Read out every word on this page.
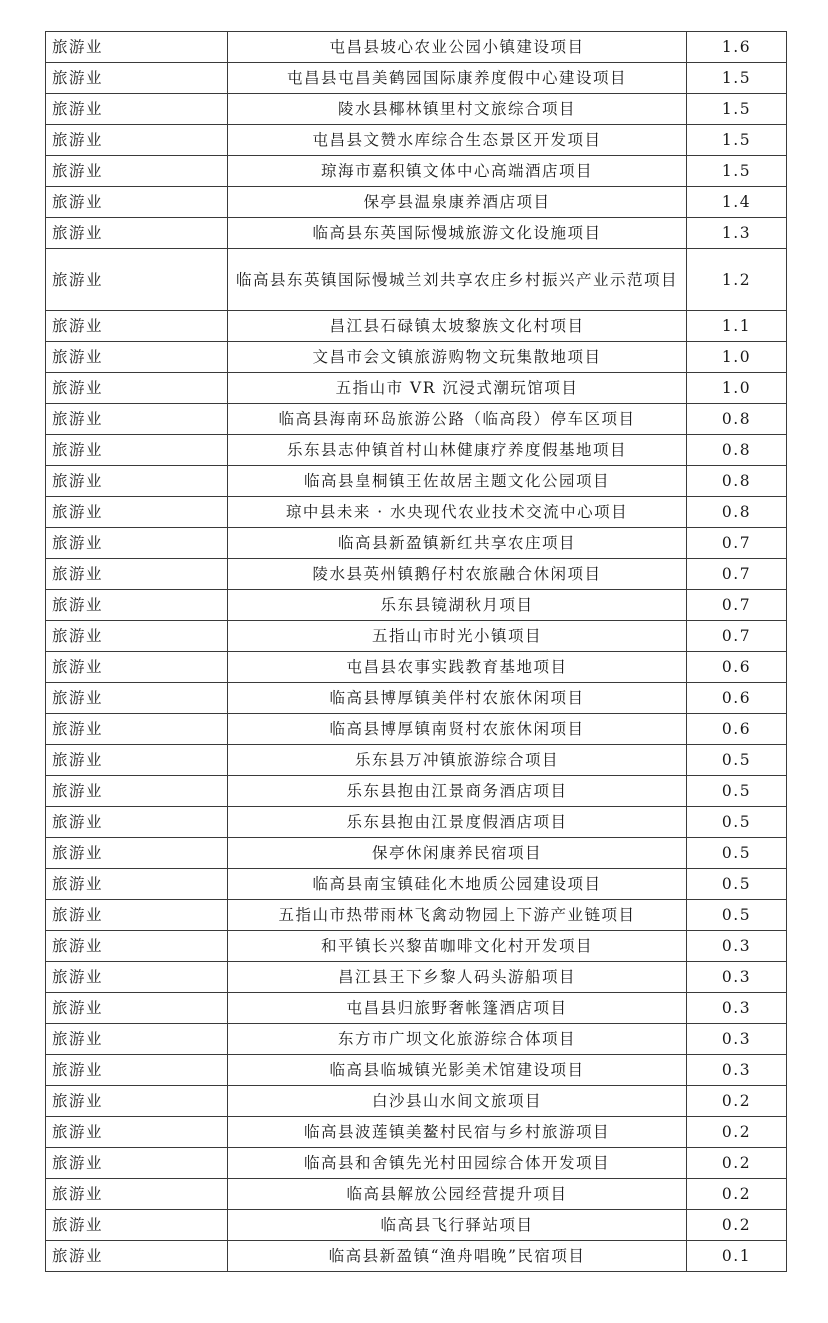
旅游业	屯昌县坡心农业公园小镇建设项目	1.6
旅游业	屯昌县屯昌美鹤园国际康养度假中心建设项目	1.5
旅游业	陵水县椰林镇里村文旅综合项目	1.5
旅游业	屯昌县文赞水库综合生态景区开发项目	1.5
旅游业	琼海市嘉积镇文体中心高端酒店项目	1.5
旅游业	保亭县温泉康养酒店项目	1.4
旅游业	临高县东英国际慢城旅游文化设施项目	1.3
旅游业	临高县东英镇国际慢城兰刘共享农庄乡村振兴产业示范项目	1.2
旅游业	昌江县石碌镇太坡黎族文化村项目	1.1
旅游业	文昌市会文镇旅游购物文玩集散地项目	1.0
旅游业	五指山市 VR 沉浸式潮玩馆项目	1.0
旅游业	临高县海南环岛旅游公路（临高段）停车区项目	0.8
旅游业	乐东县志仲镇首村山林健康疗养度假基地项目	0.8
旅游业	临高县皇桐镇王佐故居主题文化公园项目	0.8
旅游业	琼中县未来 · 水央现代农业技术交流中心项目	0.8
旅游业	临高县新盈镇新红共享农庄项目	0.7
旅游业	陵水县英州镇鹅仔村农旅融合休闲项目	0.7
旅游业	乐东县镜湖秋月项目	0.7
旅游业	五指山市时光小镇项目	0.7
旅游业	屯昌县农事实践教育基地项目	0.6
旅游业	临高县博厚镇美伴村农旅休闲项目	0.6
旅游业	临高县博厚镇南贤村农旅休闲项目	0.6
旅游业	乐东县万冲镇旅游综合项目	0.5
旅游业	乐东县抱由江景商务酒店项目	0.5
旅游业	乐东县抱由江景度假酒店项目	0.5
旅游业	保亭休闲康养民宿项目	0.5
旅游业	临高县南宝镇硅化木地质公园建设项目	0.5
旅游业	五指山市热带雨林飞禽动物园上下游产业链项目	0.5
旅游业	和平镇长兴黎苗咖啡文化村开发项目	0.3
旅游业	昌江县王下乡黎人码头游船项目	0.3
旅游业	屯昌县归旅野奢帐篷酒店项目	0.3
旅游业	东方市广坝文化旅游综合体项目	0.3
旅游业	临高县临城镇光影美术馆建设项目	0.3
旅游业	白沙县山水间文旅项目	0.2
旅游业	临高县波莲镇美鳌村民宿与乡村旅游项目	0.2
旅游业	临高县和舍镇先光村田园综合体开发项目	0.2
旅游业	临高县解放公园经营提升项目	0.2
旅游业	临高县飞行驿站项目	0.2
旅游业	临高县新盈镇“渔舟唱晚”民宿项目	0.1
